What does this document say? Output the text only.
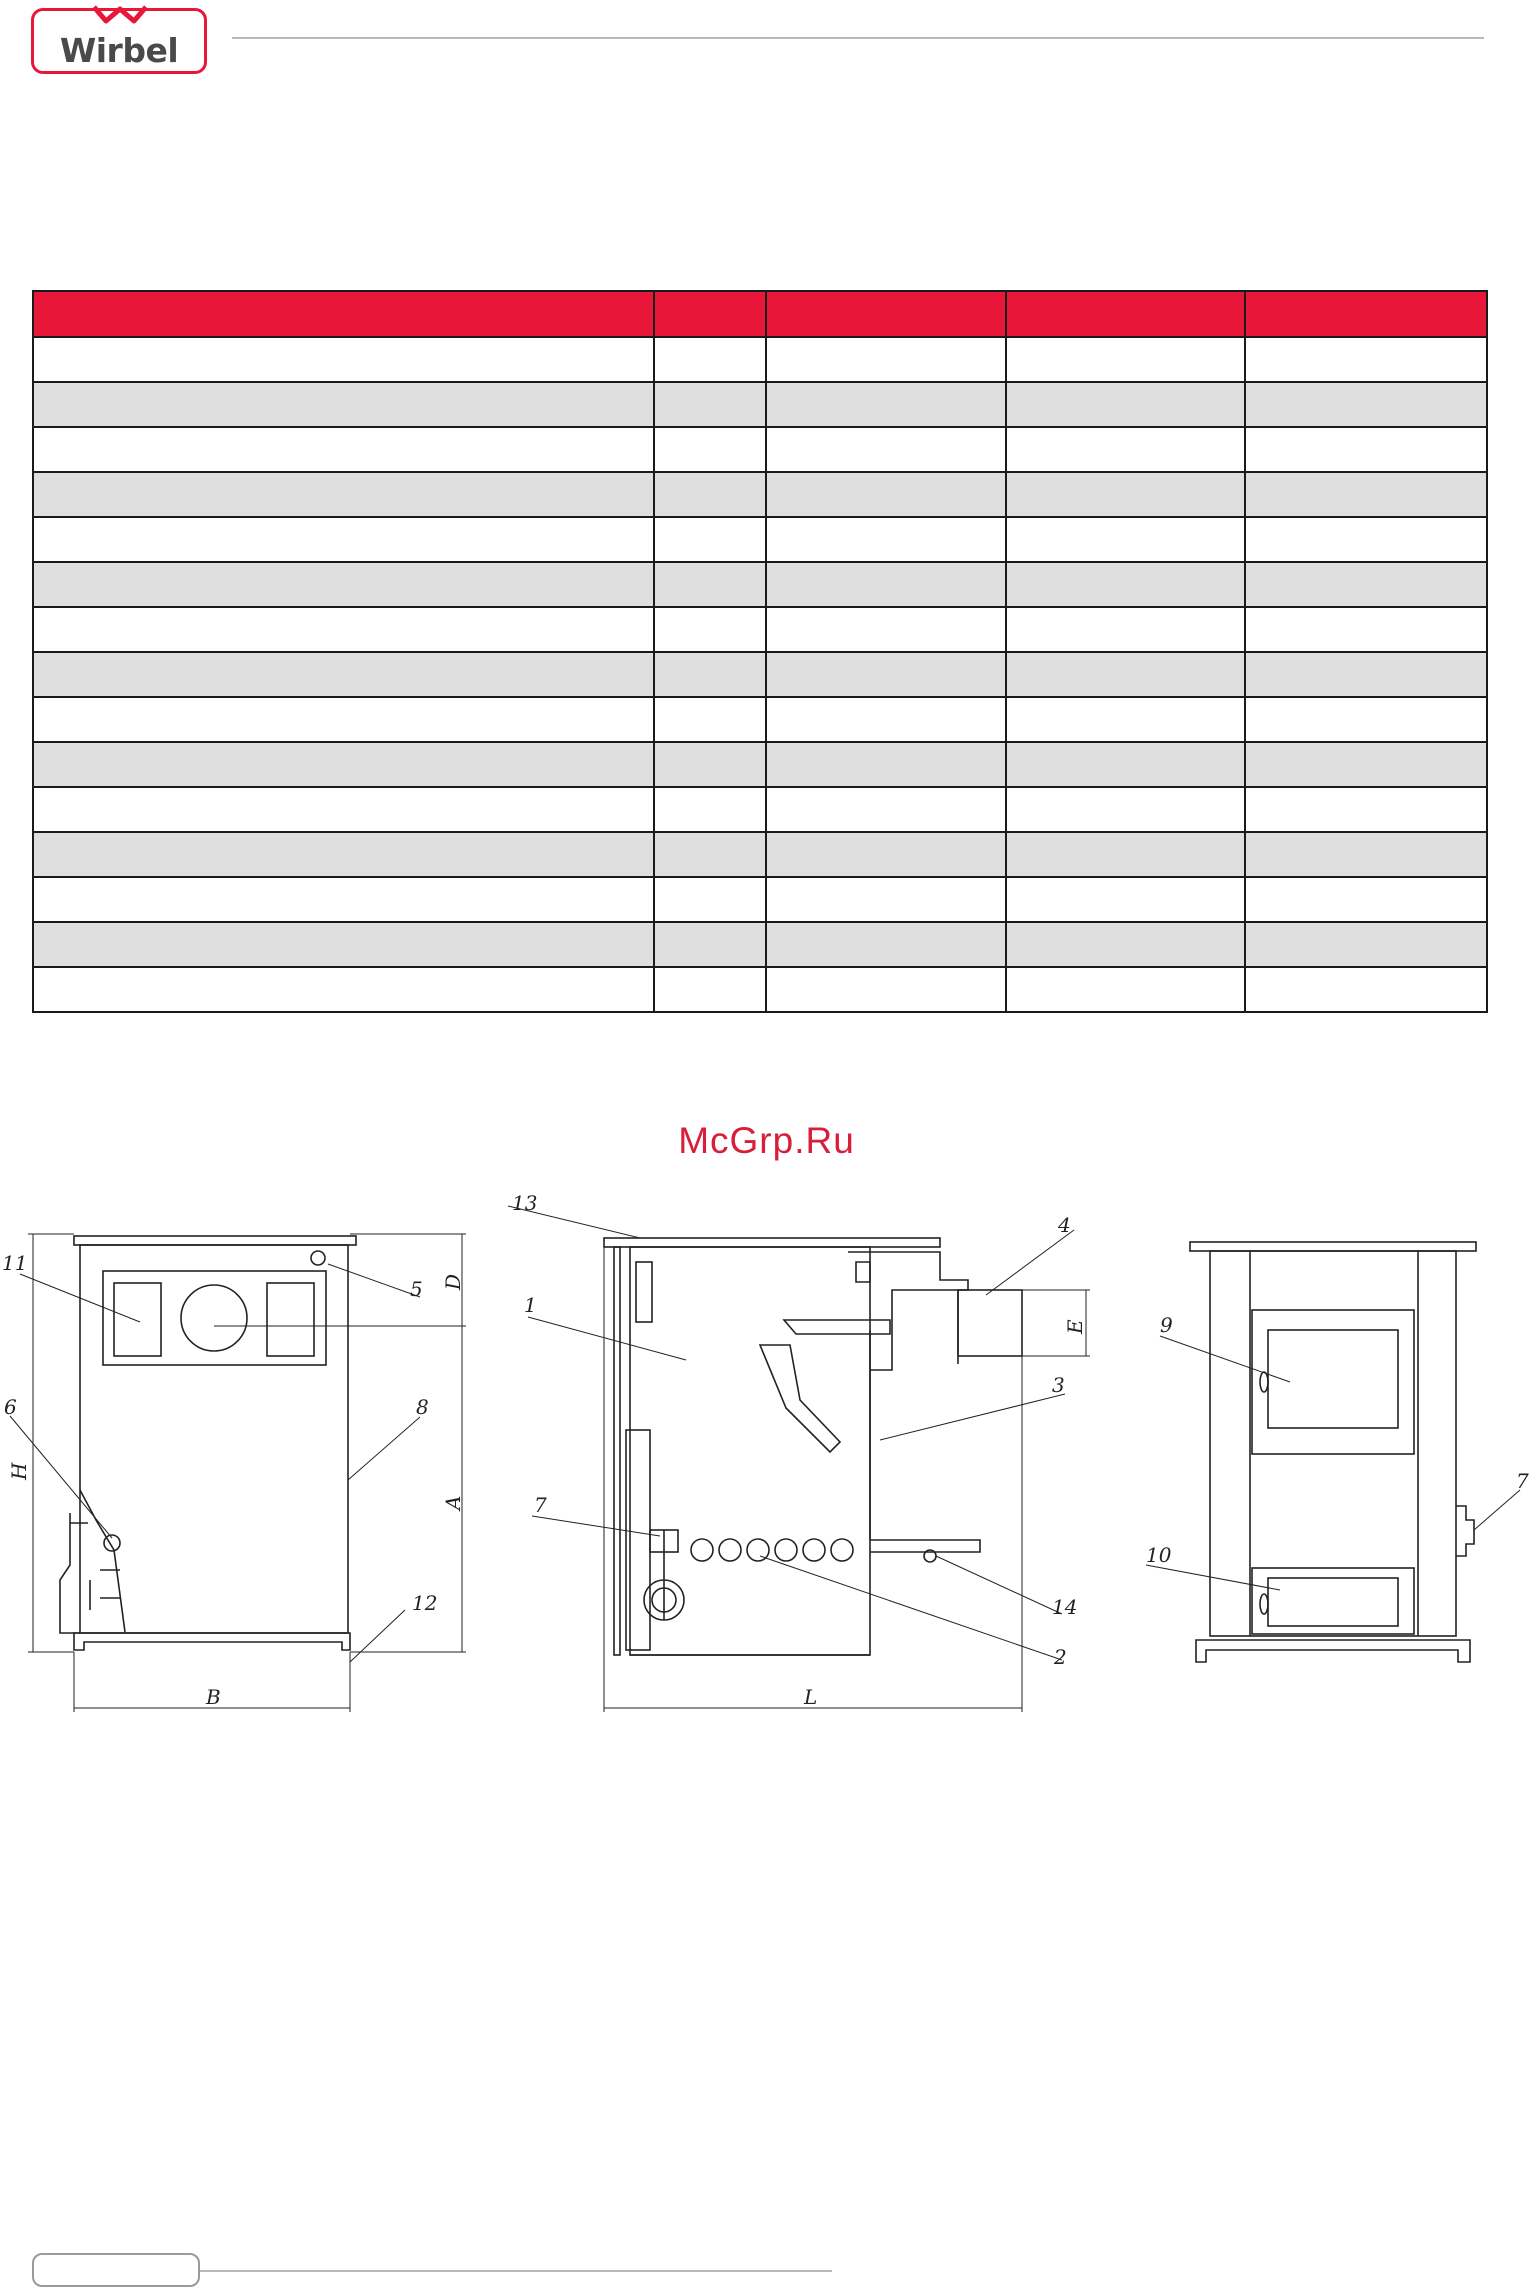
Wirbel

McGrp.Ru
11
6
5
8
12
13
1
7
4
3
14
2
9
10
7
B	L
H
A
D
E
